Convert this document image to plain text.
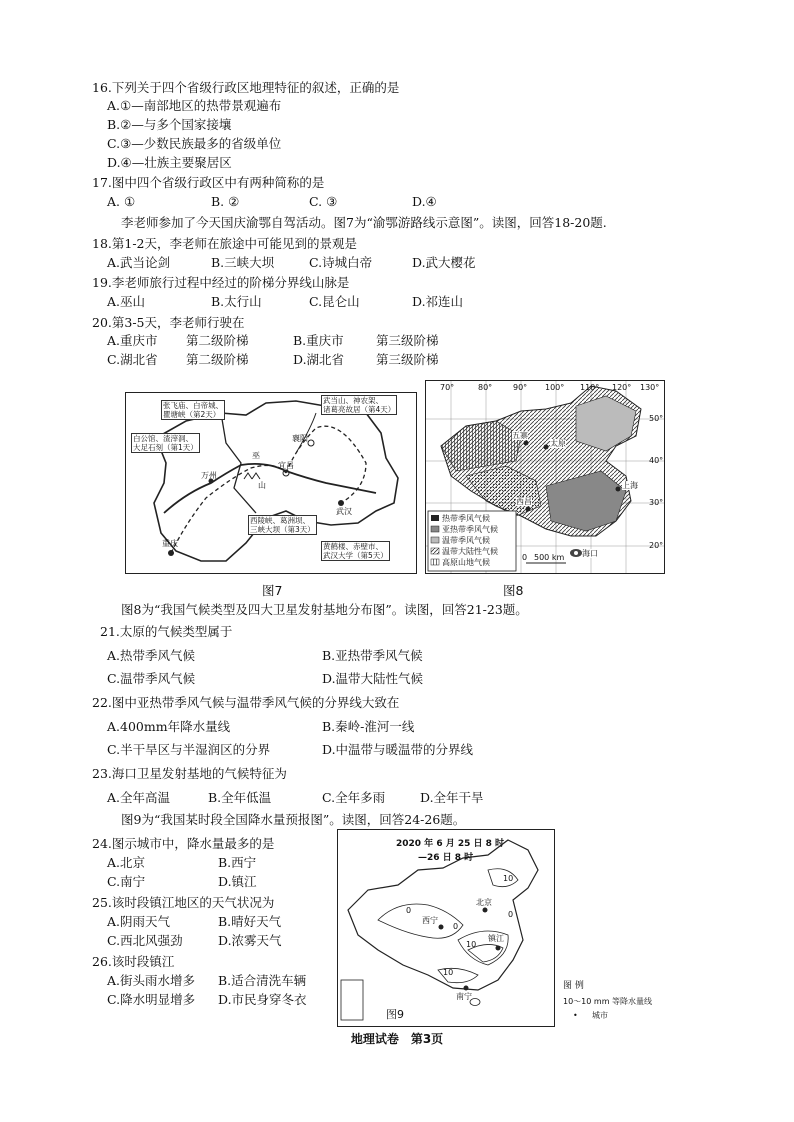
16.下列关于四个省级行政区地理特征的叙述，正确的是
A.①—南部地区的热带景观遍布
B.②—与多个国家接壤
C.③—少数民族最多的省级单位
D.④—壮族主要聚居区
17.图中四个省级行政区中有两种简称的是
A. ①	B. ②	C. ③	D.④
李老师参加了今天国庆渝鄂自驾活动。图7为“渝鄂游路线示意图”。读图，回答18-20题.
18.第1-2天，李老师在旅途中可能见到的景观是
A.武当论剑	B.三峡大坝	C.诗城白帝	D.武大樱花
19.李老师旅行过程中经过的阶梯分界线山脉是
A.巫山	B.太行山	C.昆仑山	D.祁连山
20.第3-5天，李老师行驶在
A.重庆市 第二级阶梯	B.重庆市	第三级阶梯
C.湖北省 第二级阶梯	D.湖北省	第三级阶梯
张飞庙、白帝城、
瞿塘峡（第2天）
白公馆、渣滓洞、
大足石刻（第1天）
武当山、神农架、
诸葛亮故居（第4天）
西陵峡、葛洲坝、
三峡大坝（第3天）
黄鹤楼、赤壁市、
武汉大学（第5天）
襄阳
万州
宜昌
武汉
重庆
巫
山
70°	80°	90° 100° 110° 120° 130°
50°
40°
30°
20°
五寨
太原
西昌
上海
海口
热带季风气候
亚热带季风气候
温带季风气候
温带大陆性气候
高原山地气候
0 500 km
图7	图8
图8为“我国气候类型及四大卫星发射基地分布图”。读图，回答21-23题。
21.太原的气候类型属于
A.热带季风气候	B.亚热带季风气候
C.温带季风气候	D.温带大陆性气候
22.图中亚热带季风气候与温带季风气候的分界线大致在
A.400mm年降水量线	B.秦岭-淮河一线
C.半干旱区与半湿润区的分界	D.中温带与暖温带的分界线
23.海口卫星发射基地的气候特征为
A.全年高温	B.全年低温	C.全年多雨	D.全年干旱
图9为“我国某时段全国降水量预报图”。读图，回答24-26题。
24.图示城市中，降水量最多的是
A.北京	B.西宁
C.南宁	D.镇江
25.该时段镇江地区的天气状况为
A.阴雨天气	B.晴好天气
C.西北风强劲	D.浓雾天气
26.该时段镇江
A.街头雨水增多 B.适合清洗车辆
C.降水明显增多 D.市民身穿冬衣
2020 年 6 月 25 日 8 时
—26 日 8 时
北京
西宁
镇江
南宁
0
0
0
10
10
10
图9
图 例
10～10 mm 等降水量线
• 城市
地理试卷　第3页
